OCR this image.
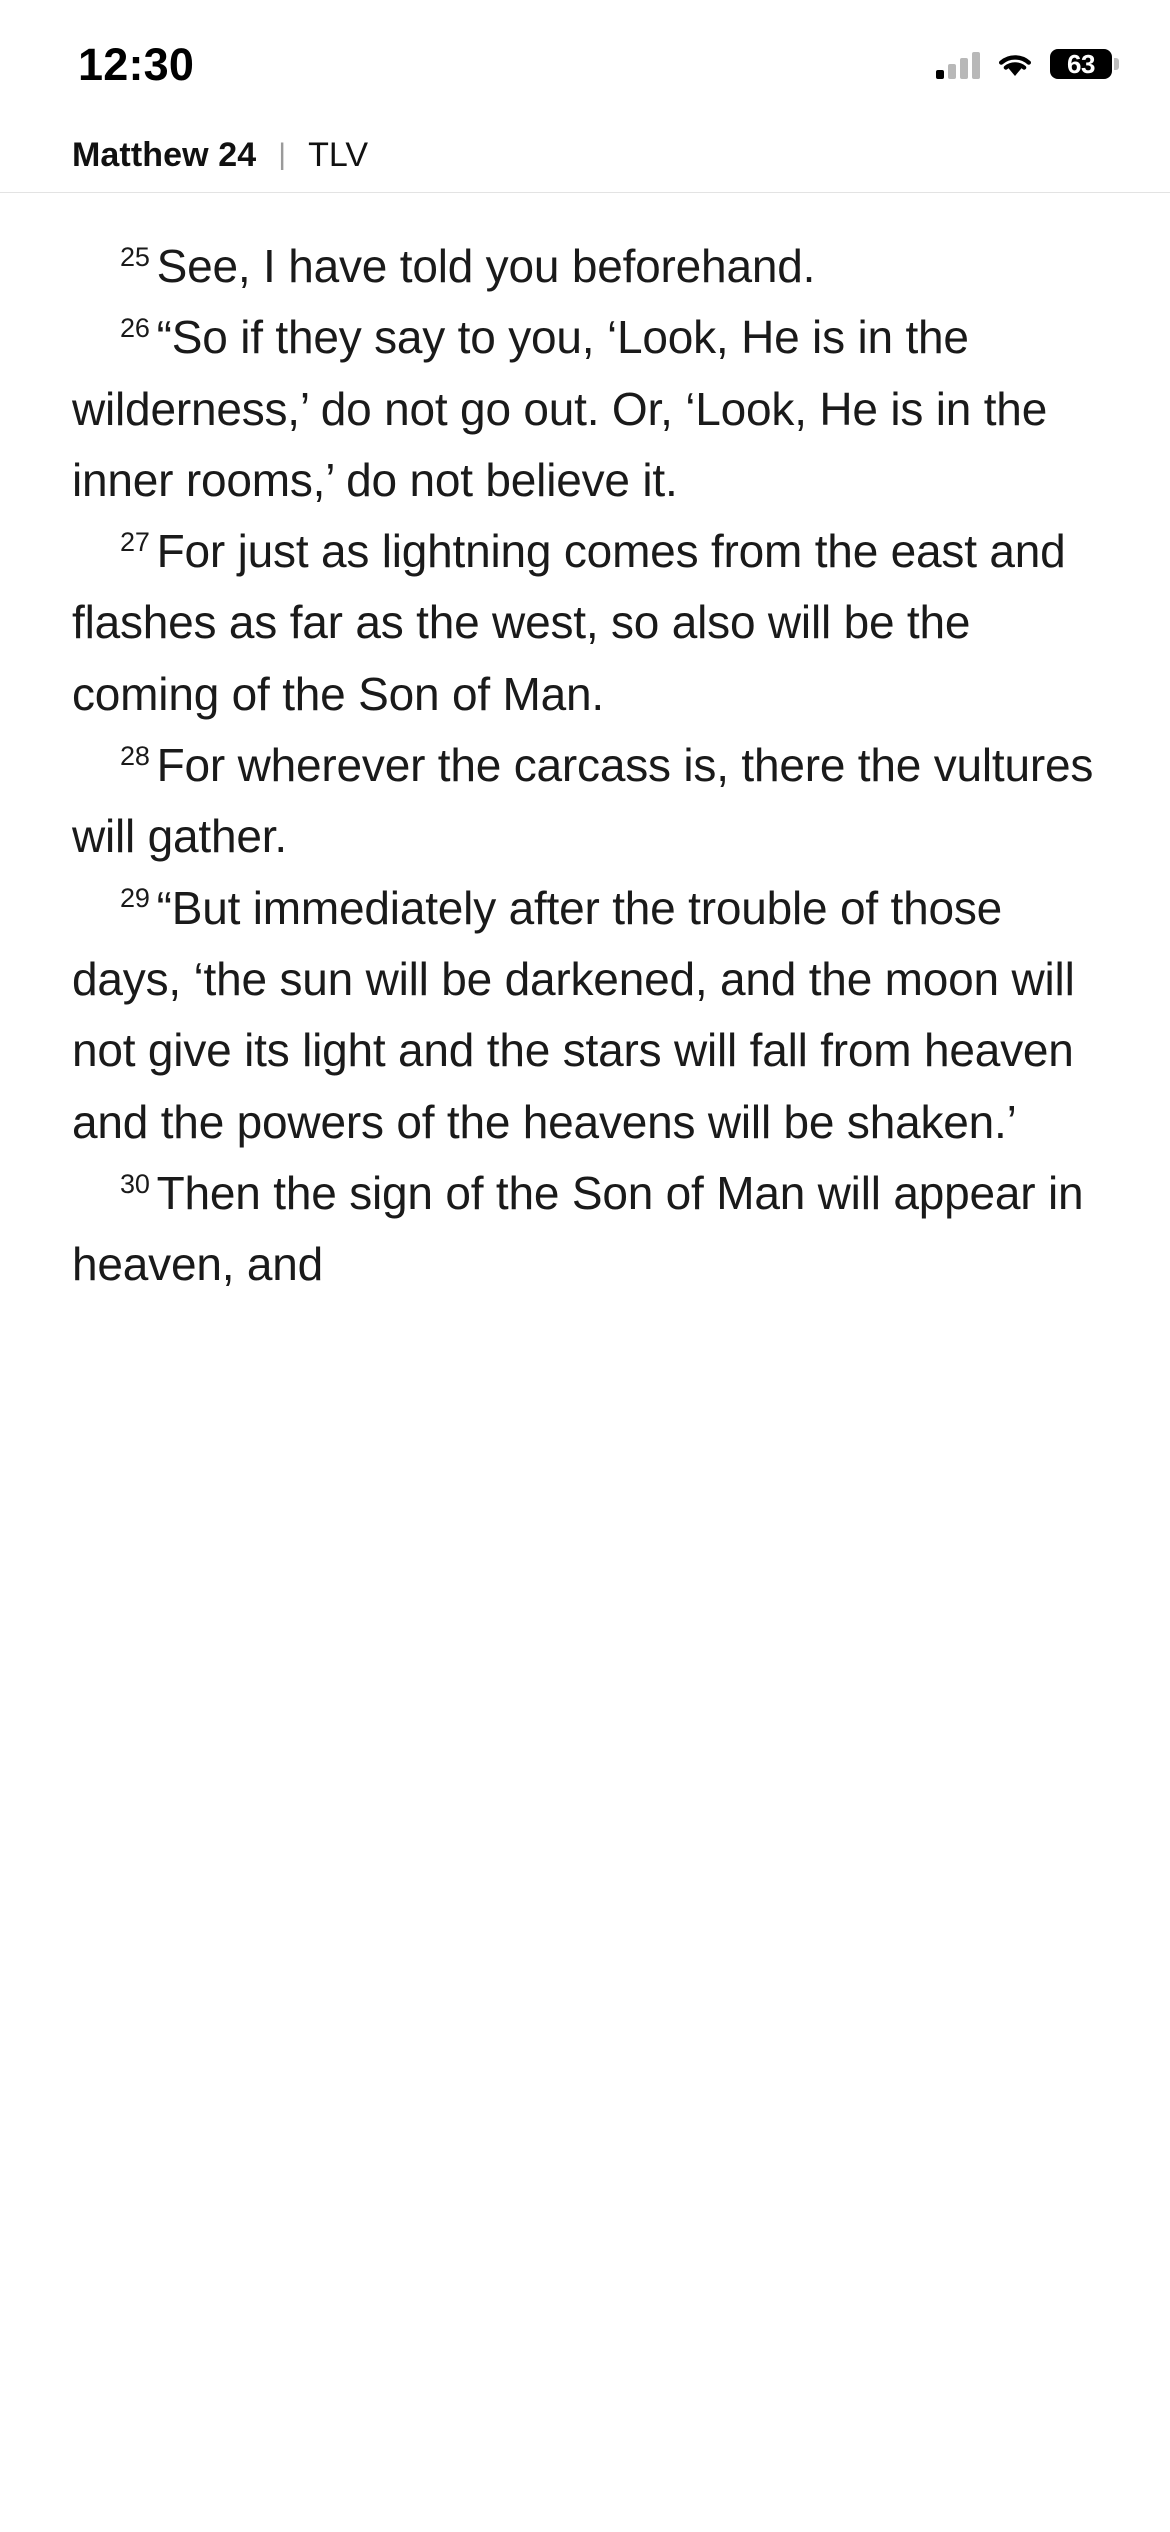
12:30	63
Matthew 24 | TLV

$^{25}$ See, I have told you beforehand.

$^{26}$ “So if they say to you, ‘Look, He is in the wilderness,’ do not go out. Or, ‘Look, He is in the inner rooms,’ do not believe it.

$^{27}$ For just as lightning comes from the east and flashes as far as the west, so also will be the coming of the Son of Man.

$^{28}$ For wherever the carcass is, there the vultures will gather.

$^{29}$ “But immediately after the trouble of those days, ‘the sun will be darkened, and the moon will not give its light and the stars will fall from heaven and the powers of the heavens will be shaken.’

$^{30}$ Then the sign of the Son of Man will appear in heaven, and
